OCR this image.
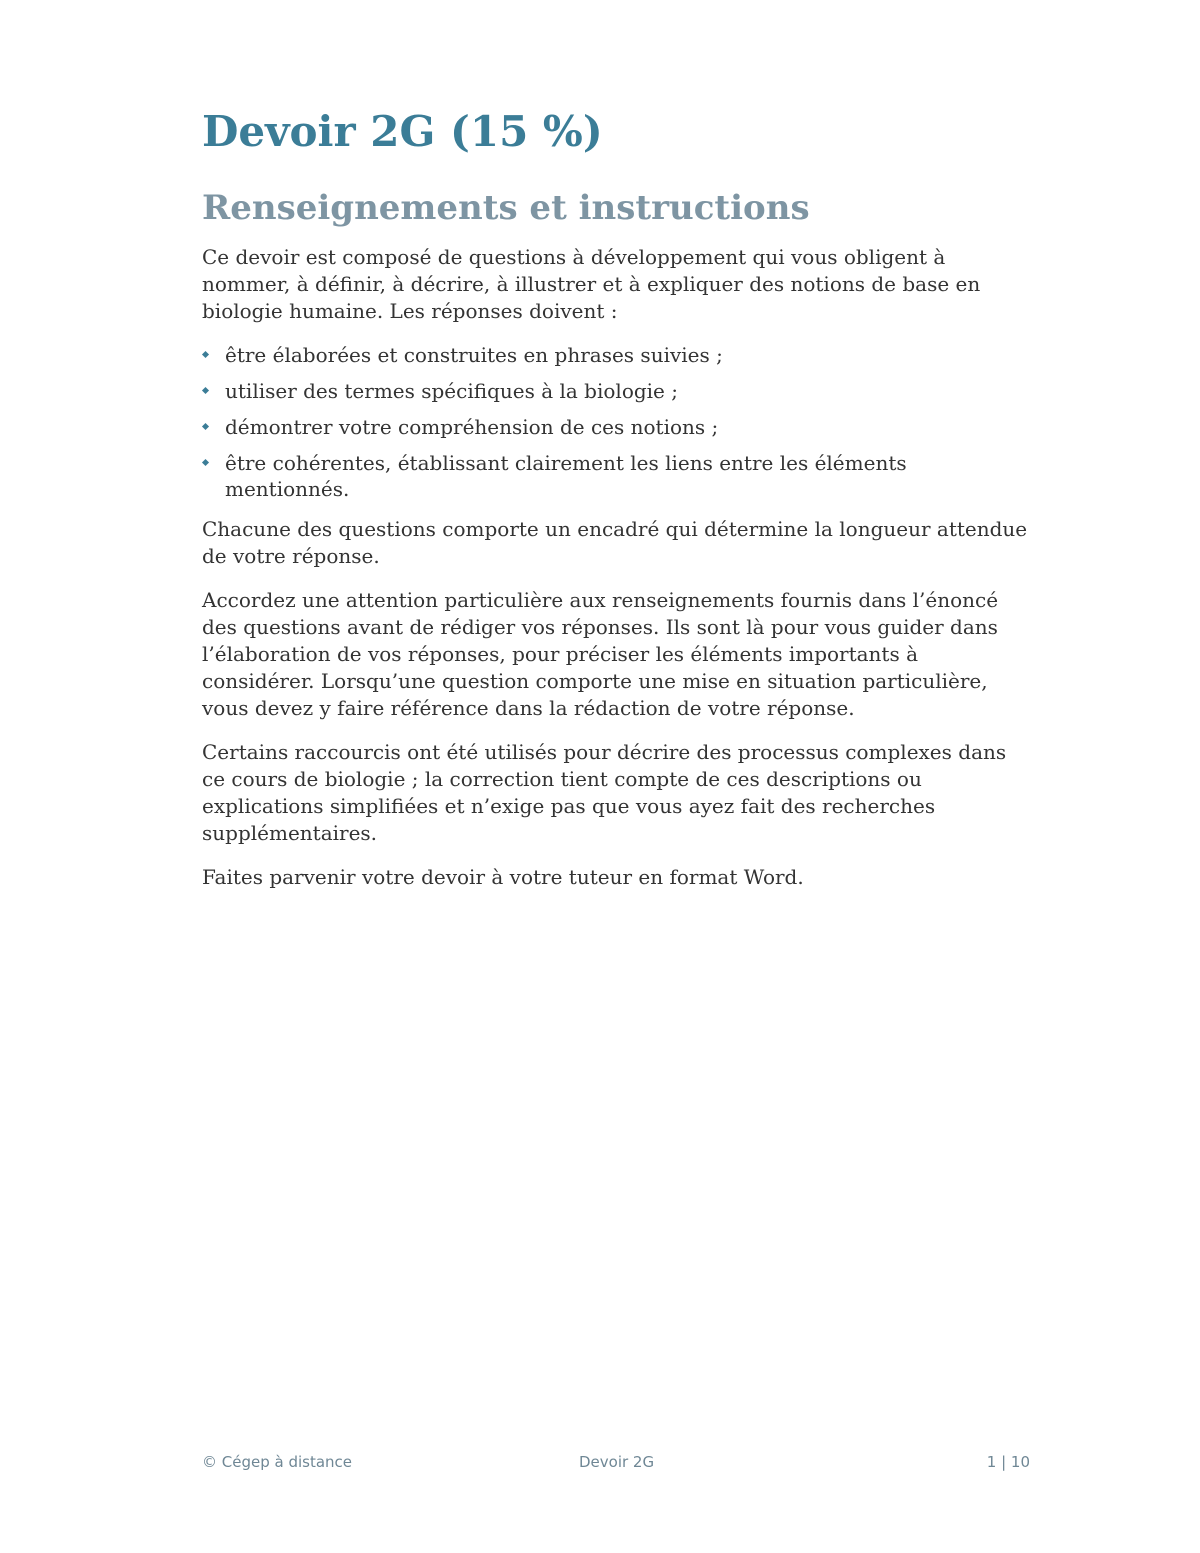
Devoir 2G (15 %)
Renseignements et instructions

Ce devoir est composé de questions à développement qui vous obligent à nommer, à définir, à décrire, à illustrer et à expliquer des notions de base en biologie humaine. Les réponses doivent :

être élaborées et construites en phrases suivies ;
utiliser des termes spécifiques à la biologie ;
démontrer votre compréhension de ces notions ;
être cohérentes, établissant clairement les liens entre les éléments mentionnés.

Chacune des questions comporte un encadré qui détermine la longueur attendue de votre réponse.

Accordez une attention particulière aux renseignements fournis dans l’énoncé des questions avant de rédiger vos réponses. Ils sont là pour vous guider dans l’élaboration de vos réponses, pour préciser les éléments importants à considérer. Lorsqu’une question comporte une mise en situation particulière, vous devez y faire référence dans la rédaction de votre réponse.

Certains raccourcis ont été utilisés pour décrire des processus complexes dans ce cours de biologie ; la correction tient compte de ces descriptions ou explications simplifiées et n’exige pas que vous ayez fait des recherches supplémentaires.

Faites parvenir votre devoir à votre tuteur en format Word.

© Cégep à distance	Devoir 2G	1 | 10
